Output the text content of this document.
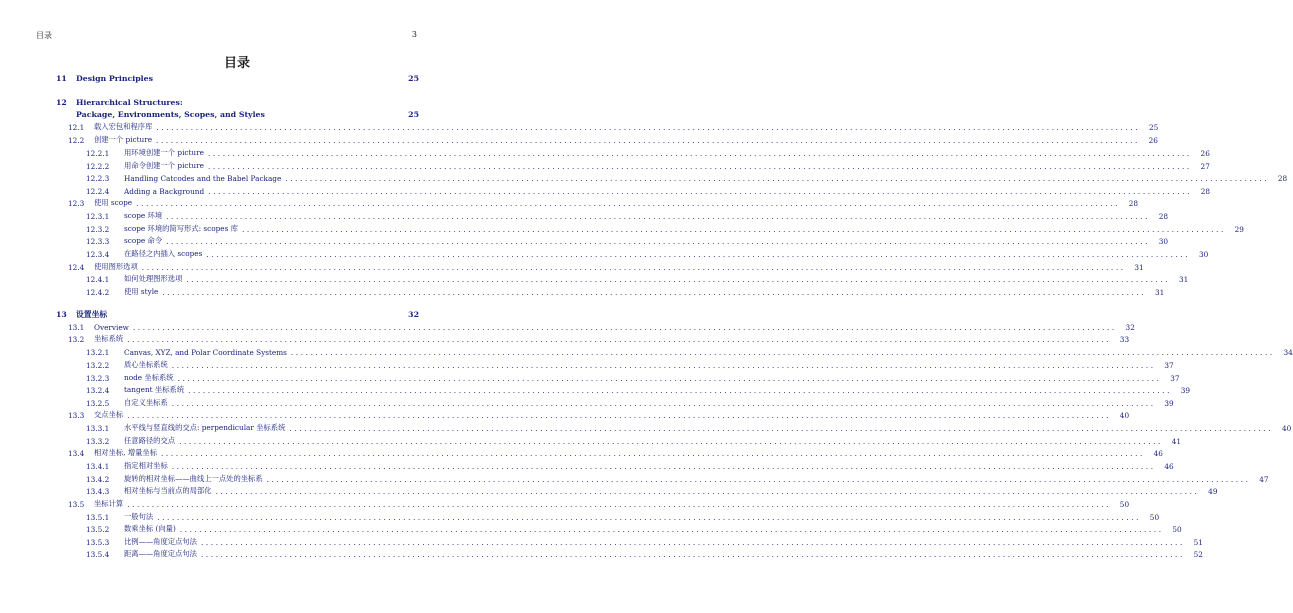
目录	3
目录
11	Design Principles	25
12	Hierarchical Structures:
Package, Environments, Scopes, and Styles	25
12.1	载入宏包和程序库 ........................................................................................................................................................................................................	25
12.2	创建一个 picture ........................................................................................................................................................................................................	26
12.2.1	用环境创建一个 picture ........................................................................................................................................................................................................	26
12.2.2	用命令创建一个 picture ........................................................................................................................................................................................................	27
12.2.3	Handling Catcodes and the Babel Package ........................................................................................................................................................................................................	28
12.2.4	Adding a Background ........................................................................................................................................................................................................	28
12.3	使用 scope ........................................................................................................................................................................................................	28
12.3.1	scope 环境 ........................................................................................................................................................................................................	28
12.3.2	scope 环境的简写形式: scopes 库 ........................................................................................................................................................................................................	29
12.3.3	scope 命令 ........................................................................................................................................................................................................	30
12.3.4	在路径之内插入 scopes ........................................................................................................................................................................................................	30
12.4	使用图形选项 ........................................................................................................................................................................................................	31
12.4.1	如何处理图形选项 ........................................................................................................................................................................................................	31
12.4.2	使用 style ........................................................................................................................................................................................................	31
13	设置坐标	32
13.1	Overview ........................................................................................................................................................................................................	32
13.2	坐标系统 ........................................................................................................................................................................................................	33
13.2.1	Canvas, XYZ, and Polar Coordinate Systems ........................................................................................................................................................................................................	34
13.2.2	质心坐标系统 ........................................................................................................................................................................................................	37
13.2.3	node 坐标系统 ........................................................................................................................................................................................................	37
13.2.4	tangent 坐标系统 ........................................................................................................................................................................................................	39
13.2.5	自定义坐标系 ........................................................................................................................................................................................................	39
13.3	交点坐标 ........................................................................................................................................................................................................	40
13.3.1	水平线与竖直线的交点: perpendicular 坐标系统 ........................................................................................................................................................................................................	40
13.3.2	任意路径的交点 ........................................................................................................................................................................................................	41
13.4	相对坐标, 增量坐标 ........................................................................................................................................................................................................	46
13.4.1	指定相对坐标 ........................................................................................................................................................................................................	46
13.4.2	旋转的相对坐标——曲线上一点处的坐标系 ........................................................................................................................................................................................................	47
13.4.3	相对坐标与当前点的局部化 ........................................................................................................................................................................................................	49
13.5	坐标计算 ........................................................................................................................................................................................................	50
13.5.1	一般句法 ........................................................................................................................................................................................................	50
13.5.2	数乘坐标 (向量) ........................................................................................................................................................................................................	50
13.5.3	比例——角度定点句法 ........................................................................................................................................................................................................	51
13.5.4	距离——角度定点句法 ........................................................................................................................................................................................................	52
